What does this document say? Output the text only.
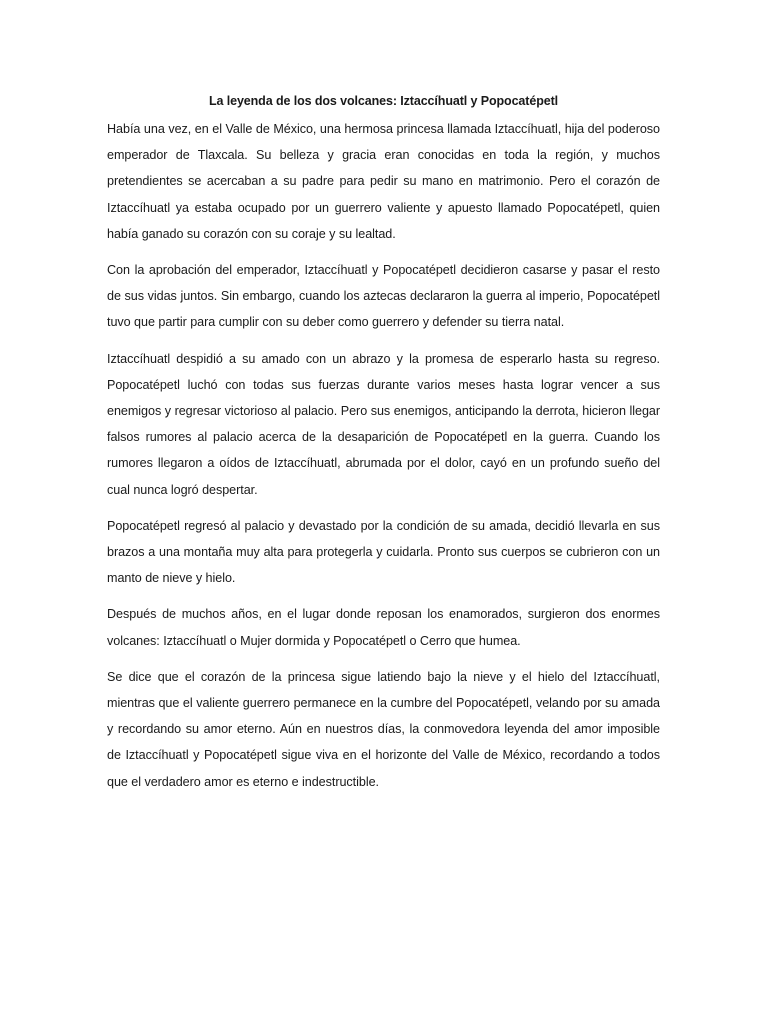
La leyenda de los dos volcanes: Iztaccíhuatl y Popocatépetl

Había una vez, en el Valle de México, una hermosa princesa llamada Iztaccíhuatl, hija del poderoso emperador de Tlaxcala. Su belleza y gracia eran conocidas en toda la región, y muchos pretendientes se acercaban a su padre para pedir su mano en matrimonio. Pero el corazón de Iztaccíhuatl ya estaba ocupado por un guerrero valiente y apuesto llamado Popocatépetl, quien había ganado su corazón con su coraje y su lealtad.

Con la aprobación del emperador, Iztaccíhuatl y Popocatépetl decidieron casarse y pasar el resto de sus vidas juntos. Sin embargo, cuando los aztecas declararon la guerra al imperio, Popocatépetl tuvo que partir para cumplir con su deber como guerrero y defender su tierra natal.

Iztaccíhuatl despidió a su amado con un abrazo y la promesa de esperarlo hasta su regreso. Popocatépetl luchó con todas sus fuerzas durante varios meses hasta lograr vencer a sus enemigos y regresar victorioso al palacio. Pero sus enemigos, anticipando la derrota, hicieron llegar falsos rumores al palacio acerca de la desaparición de Popocatépetl en la guerra. Cuando los rumores llegaron a oídos de Iztaccíhuatl, abrumada por el dolor, cayó en un profundo sueño del cual nunca logró despertar.

Popocatépetl regresó al palacio y devastado por la condición de su amada, decidió llevarla en sus brazos a una montaña muy alta para protegerla y cuidarla. Pronto sus cuerpos se cubrieron con un manto de nieve y hielo.

Después de muchos años, en el lugar donde reposan los enamorados, surgieron dos enormes volcanes: Iztaccíhuatl o Mujer dormida y Popocatépetl o Cerro que humea.

Se dice que el corazón de la princesa sigue latiendo bajo la nieve y el hielo del Iztaccíhuatl, mientras que el valiente guerrero permanece en la cumbre del Popocatépetl, velando por su amada y recordando su amor eterno. Aún en nuestros días, la conmovedora leyenda del amor imposible de Iztaccíhuatl y Popocatépetl sigue viva en el horizonte del Valle de México, recordando a todos que el verdadero amor es eterno e indestructible.
